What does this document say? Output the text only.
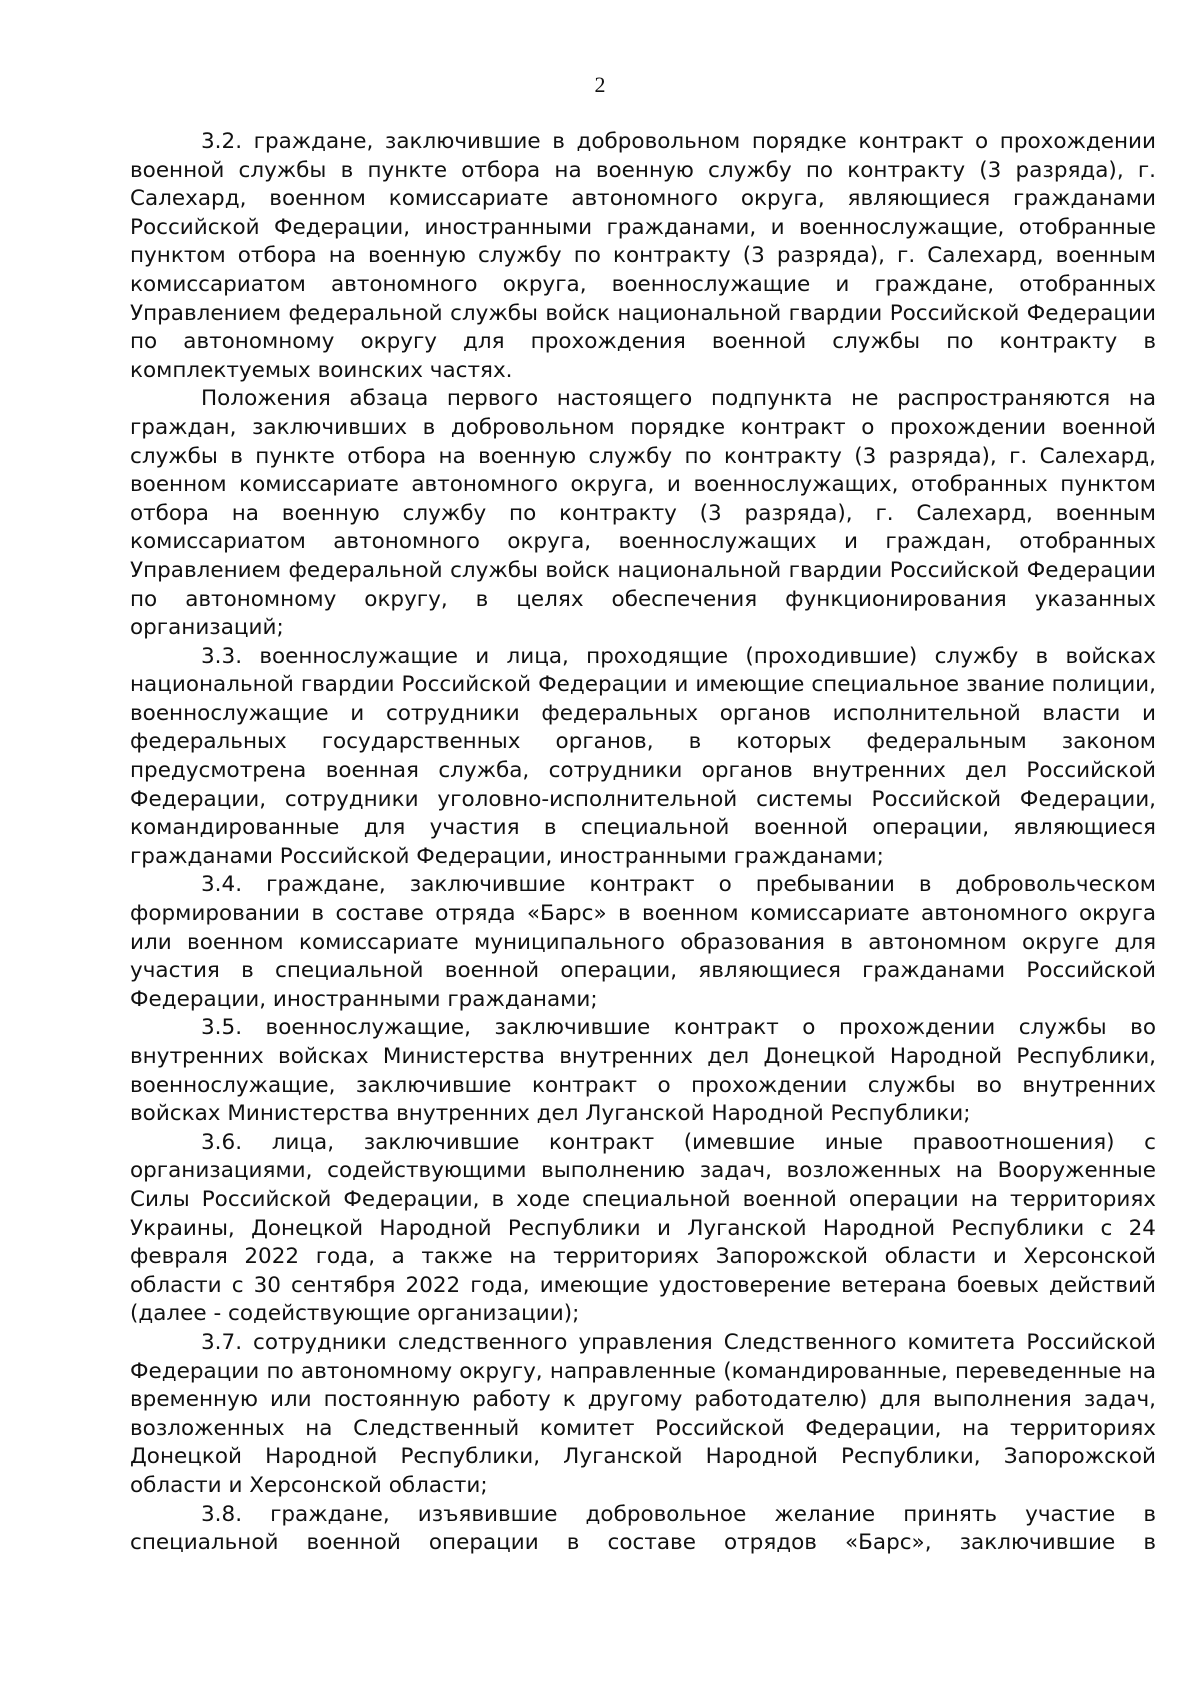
2

3.2. граждане, заключившие в добровольном порядке контракт о прохождении военной службы в пункте отбора на военную службу по контракту (3 разряда), г. Салехард, военном комиссариате автономного округа, являющиеся гражданами Российской Федерации, иностранными гражданами, и военнослужащие, отобранные пунктом отбора на военную службу по контракту (3 разряда), г. Салехард, военным комиссариатом автономного округа, военнослужащие и граждане, отобранных Управлением федеральной службы войск национальной гвардии Российской Федерации по автономному округу для прохождения военной службы по контракту в комплектуемых воинских частях.

Положения абзаца первого настоящего подпункта не распространяются на граждан, заключивших в добровольном порядке контракт о прохождении военной службы в пункте отбора на военную службу по контракту (3 разряда), г. Салехард, военном комиссариате автономного округа, и военнослужащих, отобранных пунктом отбора на военную службу по контракту (3 разряда), г. Салехард, военным комиссариатом автономного округа, военнослужащих и граждан, отобранных Управлением федеральной службы войск национальной гвардии Российской Федерации по автономному округу, в целях обеспечения функционирования указанных организаций;

3.3. военнослужащие и лица, проходящие (проходившие) службу в войсках национальной гвардии Российской Федерации и имеющие специальное звание полиции, военнослужащие и сотрудники федеральных органов исполнительной власти и федеральных государственных органов, в которых федеральным законом предусмотрена военная служба, сотрудники органов внутренних дел Российской Федерации, сотрудники уголовно-исполнительной системы Российской Федерации, командированные для участия в специальной военной операции, являющиеся гражданами Российской Федерации, иностранными гражданами;

3.4. граждане, заключившие контракт о пребывании в добровольческом формировании в составе отряда «Барс» в военном комиссариате автономного округа или военном комиссариате муниципального образования в автономном округе для участия в специальной военной операции, являющиеся гражданами Российской Федерации, иностранными гражданами;

3.5. военнослужащие, заключившие контракт о прохождении службы во внутренних войсках Министерства внутренних дел Донецкой Народной Республики, военнослужащие, заключившие контракт о прохождении службы во внутренних войсках Министерства внутренних дел Луганской Народной Республики;

3.6. лица, заключившие контракт (имевшие иные правоотношения) с организациями, содействующими выполнению задач, возложенных на Вооруженные Силы Российской Федерации, в ходе специальной военной операции на территориях Украины, Донецкой Народной Республики и Луганской Народной Республики с 24 февраля 2022 года, а также на территориях Запорожской области и Херсонской области с 30 сентября 2022 года, имеющие удостоверение ветерана боевых действий (далее - содействующие организации);

3.7. сотрудники следственного управления Следственного комитета Российской Федерации по автономному округу, направленные (командированные, переведенные на временную или постоянную работу к другому работодателю) для выполнения задач, возложенных на Следственный комитет Российской Федерации, на территориях Донецкой Народной Республики, Луганской Народной Республики, Запорожской области и Херсонской области;

3.8. граждане, изъявившие добровольное желание принять участие в специальной военной операции в составе отрядов «Барс», заключившие в
